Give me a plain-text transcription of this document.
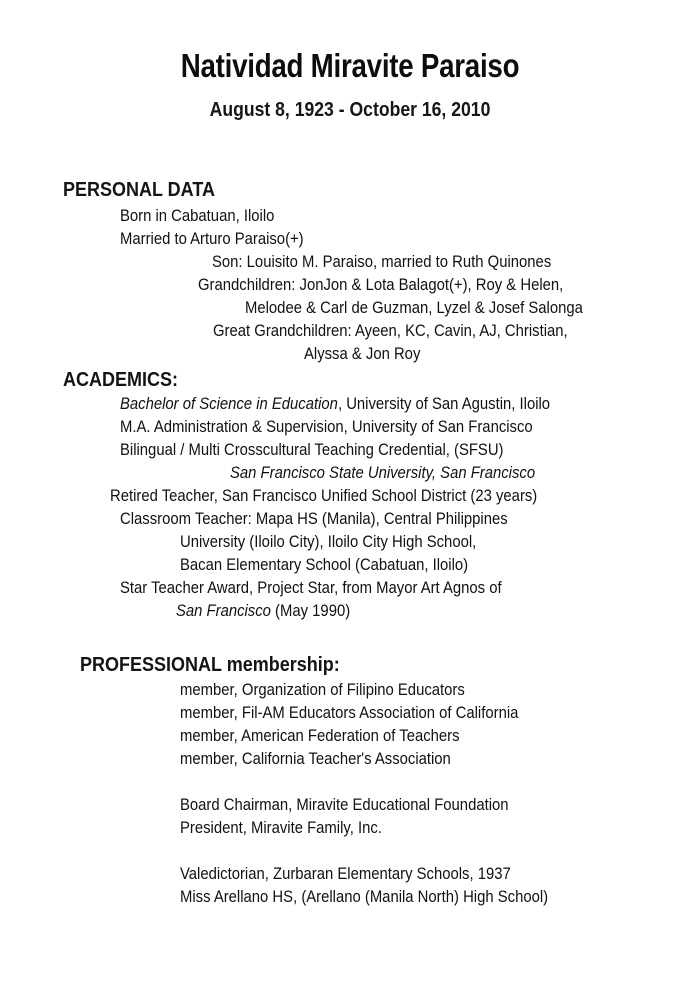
Natividad Miravite Paraiso
August 8, 1923 - October 16, 2010
PERSONAL DATA
Born in Cabatuan, Iloilo
Married to Arturo Paraiso(+)
Son: Louisito M. Paraiso, married to Ruth Quinones
Grandchildren: JonJon & Lota Balagot(+), Roy & Helen,
Melodee & Carl de Guzman, Lyzel & Josef Salonga
Great Grandchildren: Ayeen, KC, Cavin, AJ, Christian,
Alyssa & Jon Roy
ACADEMICS:
Bachelor of Science in Education, University of San Agustin, Iloilo
M.A. Administration & Supervision, University of San Francisco
Bilingual / Multi Crosscultural Teaching Credential, (SFSU)
San Francisco State University, San Francisco
Retired Teacher, San Francisco Unified School District (23 years)
Classroom Teacher: Mapa HS (Manila), Central Philippines
University (Iloilo City), Iloilo City High School,
Bacan Elementary School (Cabatuan, Iloilo)
Star Teacher Award, Project Star, from Mayor Art Agnos of
San Francisco (May 1990)
PROFESSIONAL membership:
member, Organization of Filipino Educators
member, Fil-AM Educators Association of California
member, American Federation of Teachers
member, California Teacher's Association
Board Chairman, Miravite Educational Foundation
President, Miravite Family, Inc.
Valedictorian, Zurbaran Elementary Schools, 1937
Miss Arellano HS, (Arellano (Manila North) High School)
